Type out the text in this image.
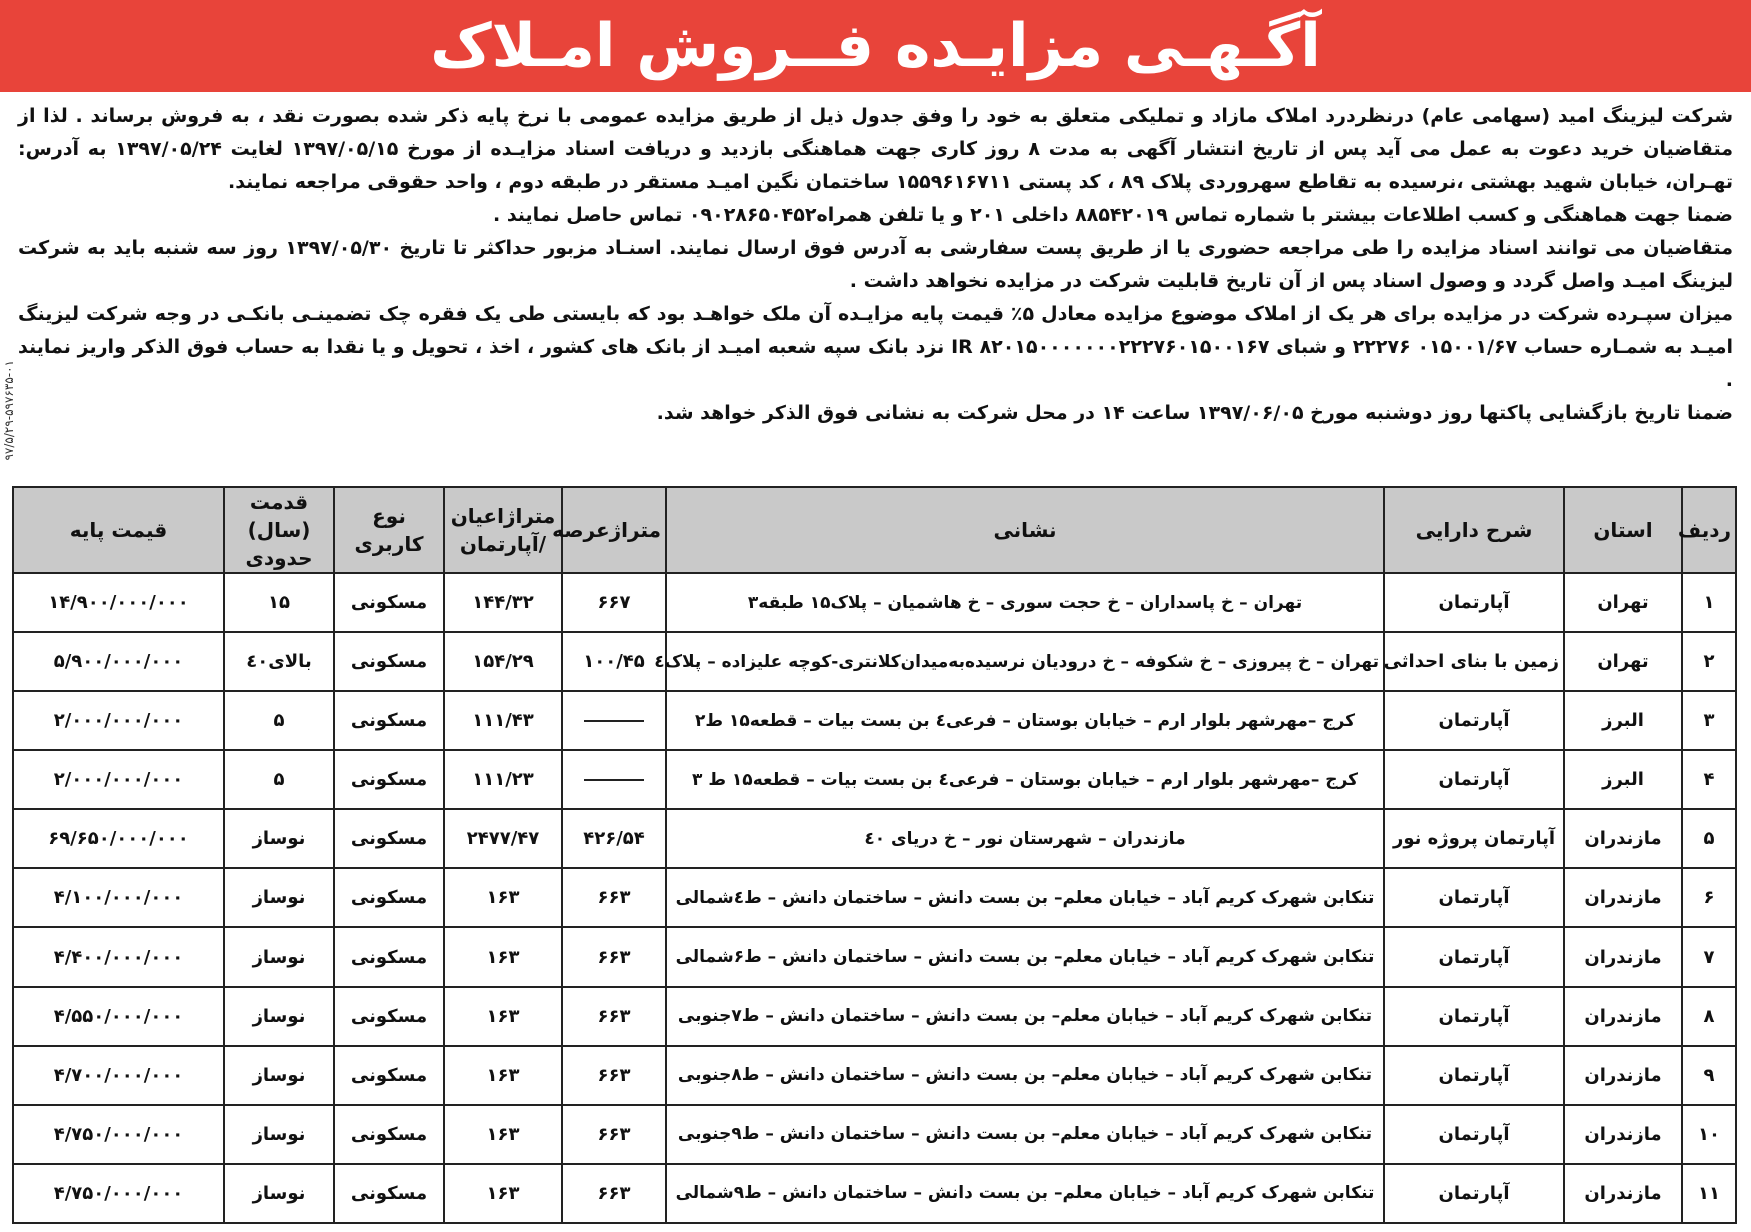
آگـهـی مزایـده فــروش امـلاک
۹۷/۵/۲۹-۵۹۷۶۳۵-۰۱

شرکت لیزینگ امید (سهامی عام) درنظردرد املاک مازاد و تملیکی متعلق به خود را وفق جدول ذیل از طریق مزایده عمومی با نرخ پایه ذکر شده بصورت نقد ، به فروش برساند . لذا از متقاضیان خرید دعوت به عمل می آید پس از تاریخ انتشار آگهی به مدت ۸ روز کاری جهت هماهنگی بازدید و دریافت اسناد مزایـده از مورخ ۱۳۹۷/۰۵/۱۵ لغایت ۱۳۹۷/۰۵/۲۴ به آدرس: تهـران، خیابان شهید بهشتی ،نرسیده به تقاطع سهروردی پلاک ۸۹ ، کد پستی ۱۵۵۹۶۱۶۷۱۱ ساختمان نگین امیـد مستقر در طبقه دوم ، واحد حقوقی مراجعه نمایند.

ضمنا جهت هماهنگی و کسب اطلاعات بیشتر با شماره تماس ۸۸۵۴۲۰۱۹ داخلی ۲۰۱ و یا تلفن همراه۰۹۰۲۸۶۵۰۴۵۲ تماس حاصل نمایند .

متقاضیان می توانند اسناد مزایده را طی مراجعه حضوری یا از طریق پست سفارشی به آدرس فوق ارسال نمایند. اسنـاد مزبور حداکثر تا تاریخ ۱۳۹۷/۰۵/۳۰ روز سه شنبه باید به شرکت لیزینگ امیـد واصل گردد و وصول اسناد پس از آن تاریخ قابلیت شرکت در مزایده نخواهد داشت .

میزان سپـرده شرکت در مزایده برای هر یک از املاک موضوع مزایده معادل ۵٪ قیمت پایه مزایـده آن ملک خواهـد بود که بایستی طی یک فقره چک تضمینـی بانکـی در وجه شرکت لیزینگ امیـد به شمـاره حساب ۰۱۵۰۰۱/۶۷ ۲۲۲۷۶ و شبای IR ۸۲۰۱۵۰۰۰۰۰۰۰۲۲۲۷۶۰۱۵۰۰۱۶۷ نزد بانک سپه شعبه امیـد از بانک های کشور ، اخذ ، تحویل و یا نقدا به حساب فوق الذکر واریز نمایند .

ضمنا تاریخ بازگشایی پاکتها روز دوشنبه مورخ ۱۳۹۷/۰۶/۰۵ ساعت ۱۴ در محل شرکت به نشانی فوق الذکر خواهد شد.

ردیف	استان	شرح دارایی	نشانی	متراژعرصه	متراژاعیان /آپارتمان	نوع کاربری	قدمت (سال) حدودی	قیمت پایه
۱	تهران	آپارتمان	تهران – خ پاسداران – خ حجت سوری – خ هاشمیان – پلاک۱۵ طبقه۳	۶۶۷	۱۴۴/۳۲	مسکونی	۱۵	۱۴/۹۰۰/۰۰۰/۰۰۰
۲	تهران	زمین با بنای احداثی	تهران – خ پیروزی – خ شکوفه – خ درودیان نرسیده‌به‌میدان‌کلانتری-کوچه علیزاده – پلاک٤	۱۰۰/۴۵	۱۵۴/۲۹	مسکونی	بالای٤٠	۵/۹۰۰/۰۰۰/۰۰۰
۳	البرز	آپارتمان	کرج –مهرشهر بلوار ارم – خیابان بوستان – فرعی٤ بن بست بیات – قطعه۱۵ ط۲		۱۱۱/۴۳	مسکونی	۵	۲/۰۰۰/۰۰۰/۰۰۰
۴	البرز	آپارتمان	کرج –مهرشهر بلوار ارم – خیابان بوستان – فرعی٤ بن بست بیات – قطعه۱۵ ط ۳		۱۱۱/۲۳	مسکونی	۵	۲/۰۰۰/۰۰۰/۰۰۰
۵	مازندران	آپارتمان پروژه نور	مازندران – شهرستان نور – خ دریای ٤٠	۴۲۶/۵۴	۲۴۷۷/۴۷	مسکونی	نوساز	۶۹/۶۵۰/۰۰۰/۰۰۰
۶	مازندران	آپارتمان	تنکابن شهرک کریم آباد – خیابان معلم– بن بست دانش – ساختمان دانش – ط٤شمالی	۶۶۳	۱۶۳	مسکونی	نوساز	۴/۱۰۰/۰۰۰/۰۰۰
۷	مازندران	آپارتمان	تنکابن شهرک کریم آباد – خیابان معلم– بن بست دانش – ساختمان دانش – ط۶شمالی	۶۶۳	۱۶۳	مسکونی	نوساز	۴/۴۰۰/۰۰۰/۰۰۰
۸	مازندران	آپارتمان	تنکابن شهرک کریم آباد – خیابان معلم– بن بست دانش – ساختمان دانش – ط۷جنوبی	۶۶۳	۱۶۳	مسکونی	نوساز	۴/۵۵۰/۰۰۰/۰۰۰
۹	مازندران	آپارتمان	تنکابن شهرک کریم آباد – خیابان معلم– بن بست دانش – ساختمان دانش – ط۸جنوبی	۶۶۳	۱۶۳	مسکونی	نوساز	۴/۷۰۰/۰۰۰/۰۰۰
۱۰	مازندران	آپارتمان	تنکابن شهرک کریم آباد – خیابان معلم– بن بست دانش – ساختمان دانش – ط۹جنوبی	۶۶۳	۱۶۳	مسکونی	نوساز	۴/۷۵۰/۰۰۰/۰۰۰
۱۱	مازندران	آپارتمان	تنکابن شهرک کریم آباد – خیابان معلم– بن بست دانش – ساختمان دانش – ط۹شمالی	۶۶۳	۱۶۳	مسکونی	نوساز	۴/۷۵۰/۰۰۰/۰۰۰
